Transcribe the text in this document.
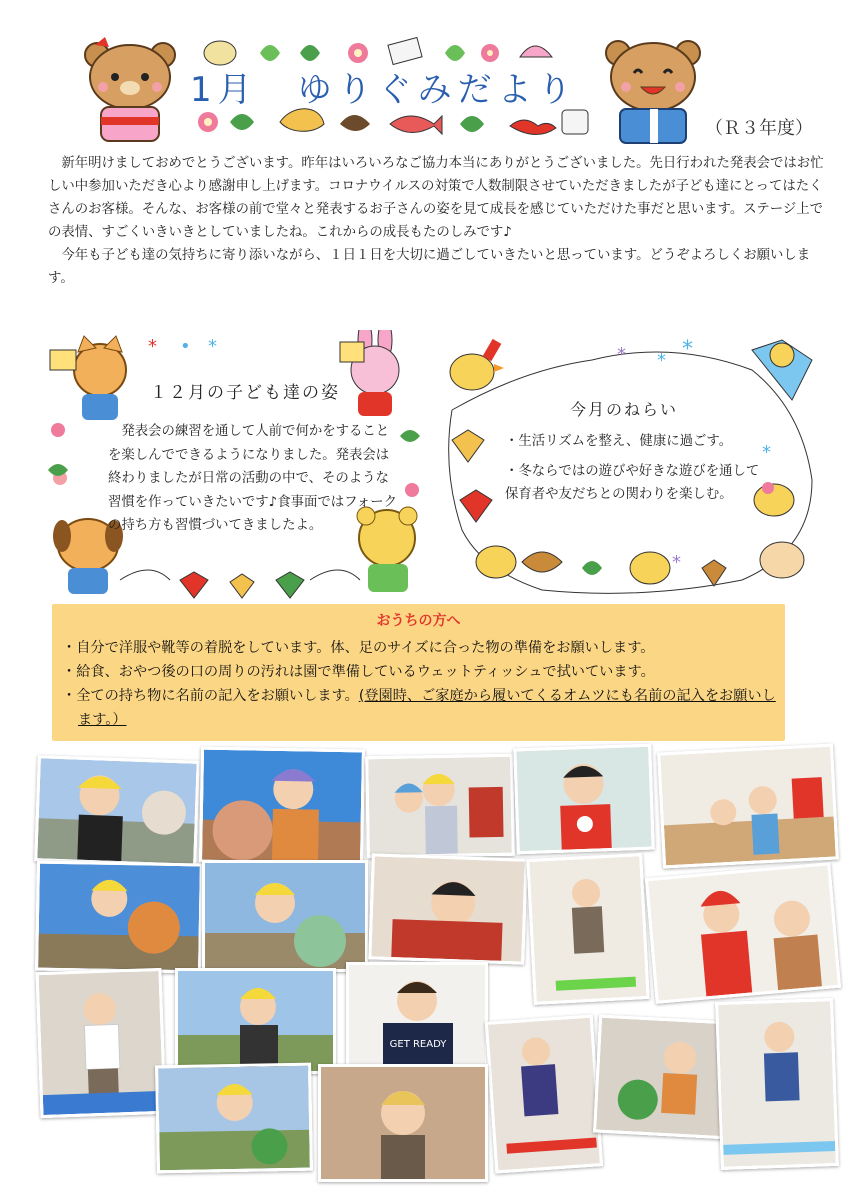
1月　ゆりぐみだより
（Ｒ３年度）

新年明けましておめでとうございます。昨年はいろいろなご協力本当にありがとうございました。先日行われた発表会ではお忙しい中参加いただき心より感謝申し上げます。コロナウイルスの対策で人数制限させていただきましたが子ども達にとってはたくさんのお客様。そんな、お客様の前で堂々と発表するお子さんの姿を見て成長を感じていただけた事だと思います。ステージ上での表情、すごくいきいきとしていましたね。これからの成長もたのしみです♪

今年も子ども達の気持ちに寄り添いながら、１日１日を大切に過ごしていきたいと思っています。どうぞよろしくお願いします。

* • *
１２月の子ども達の姿
発表会の練習を通して人前で何かをすることを楽しんでできるようになりました。発表会は終わりましたが日常の活動の中で、そのような習慣を作っていきたいです♪食事面ではフォークの持ち方も習慣づいてきましたよ。
* * *
*
*
今月のねらい
・生活リズムを整え、健康に過ごす。
・冬ならではの遊びや好きな遊びを通して保育者や友だちとの関わりを楽しむ。
おうちの方へ
・自分で洋服や靴等の着脱をしています。体、足のサイズに合った物の準備をお願いします。
・給食、おやつ後の口の周りの汚れは園で準備しているウェットティッシュで拭いています。
・全ての持ち物に名前の記入をお願いします。(登園時、ご家庭から履いてくるオムツにも名前の記入をお願いします。）
GET READY
